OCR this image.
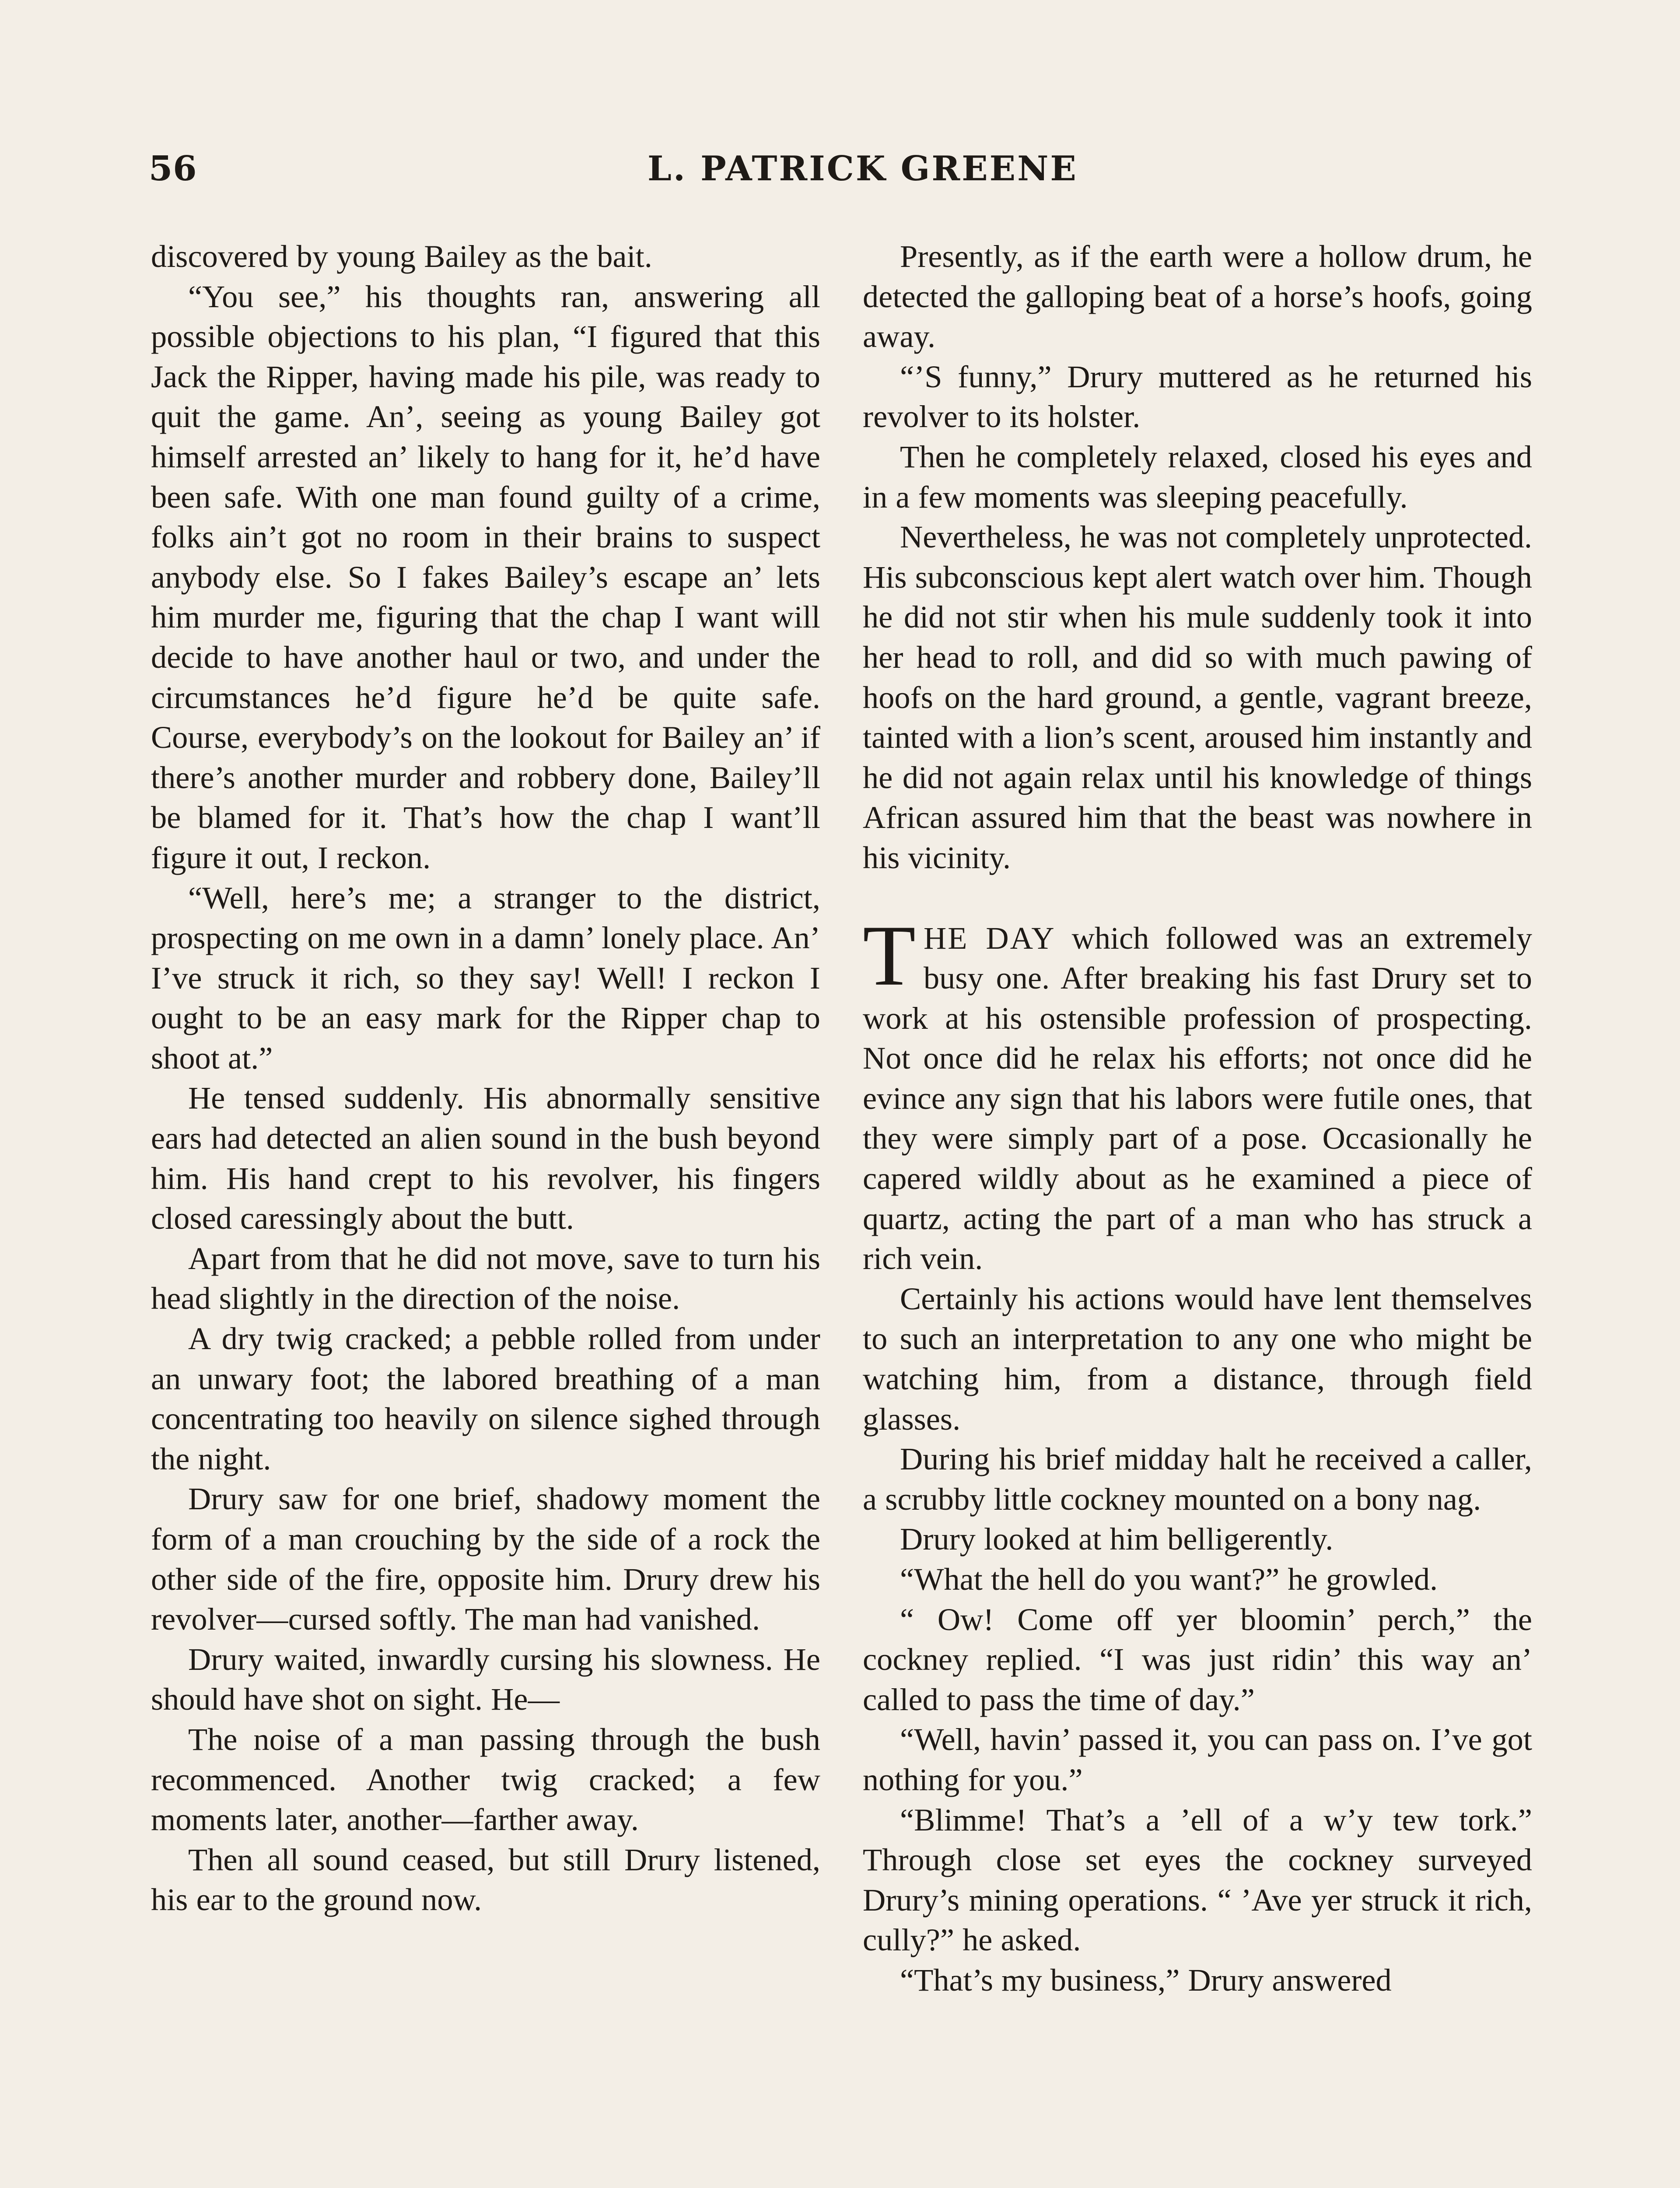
56	L. PATRICK GREENE

discovered by young Bailey as the bait.

“You see,” his thoughts ran, answering all possible objections to his plan, “I figured that this Jack the Ripper, having made his pile, was ready to quit the game. An’, seeing as young Bailey got himself arrested an’ likely to hang for it, he’d have been safe. With one man found guilty of a crime, folks ain’t got no room in their brains to suspect anybody else. So I fakes Bailey’s escape an’ lets him murder me, figuring that the chap I want will decide to have another haul or two, and under the circumstances he’d figure he’d be quite safe. Course, everybody’s on the lookout for Bailey an’ if there’s another murder and robbery done, Bailey’ll be blamed for it. That’s how the chap I want’ll figure it out, I reckon.

“Well, here’s me; a stranger to the district, prospecting on me own in a damn’ lonely place. An’ I’ve struck it rich, so they say! Well! I reckon I ought to be an easy mark for the Ripper chap to shoot at.”

He tensed suddenly. His abnormally sensitive ears had detected an alien sound in the bush beyond him. His hand crept to his revolver, his fingers closed caressingly about the butt.

Apart from that he did not move, save to turn his head slightly in the direction of the noise.

A dry twig cracked; a pebble rolled from under an unwary foot; the labored breathing of a man concentrating too heavily on silence sighed through the night.

Drury saw for one brief, shadowy moment the form of a man crouching by the side of a rock the other side of the fire, opposite him. Drury drew his revolver—cursed softly. The man had vanished.

Drury waited, inwardly cursing his slowness. He should have shot on sight. He—

The noise of a man passing through the bush recommenced. Another twig cracked; a few moments later, another—farther away.

Then all sound ceased, but still Drury listened, his ear to the ground now.

Presently, as if the earth were a hollow drum, he detected the galloping beat of a horse’s hoofs, going away.

“’S funny,” Drury muttered as he returned his revolver to its holster.

Then he completely relaxed, closed his eyes and in a few moments was sleeping peacefully.

Nevertheless, he was not completely unprotected. His subconscious kept alert watch over him. Though he did not stir when his mule suddenly took it into her head to roll, and did so with much pawing of hoofs on the hard ground, a gentle, vagrant breeze, tainted with a lion’s scent, aroused him instantly and he did not again relax until his knowledge of things African assured him that the beast was nowhere in his vicinity.

THE DAY which followed was an extremely busy one. After breaking his fast Drury set to work at his ostensible profession of prospecting. Not once did he relax his efforts; not once did he evince any sign that his labors were futile ones, that they were simply part of a pose. Occasionally he capered wildly about as he examined a piece of quartz, acting the part of a man who has struck a rich vein.

Certainly his actions would have lent themselves to such an interpretation to any one who might be watching him, from a distance, through field glasses.

During his brief midday halt he received a caller, a scrubby little cockney mounted on a bony nag.

Drury looked at him belligerently.

“What the hell do you want?” he growled.

“ Ow! Come off yer bloomin’ perch,” the cockney replied. “I was just ridin’ this way an’ called to pass the time of day.”

“Well, havin’ passed it, you can pass on. I’ve got nothing for you.”

“Blimme! That’s a ’ell of a w’y tew tork.” Through close set eyes the cockney surveyed Drury’s mining operations. “ ’Ave yer struck it rich, cully?” he asked.

“That’s my business,” Drury answered
